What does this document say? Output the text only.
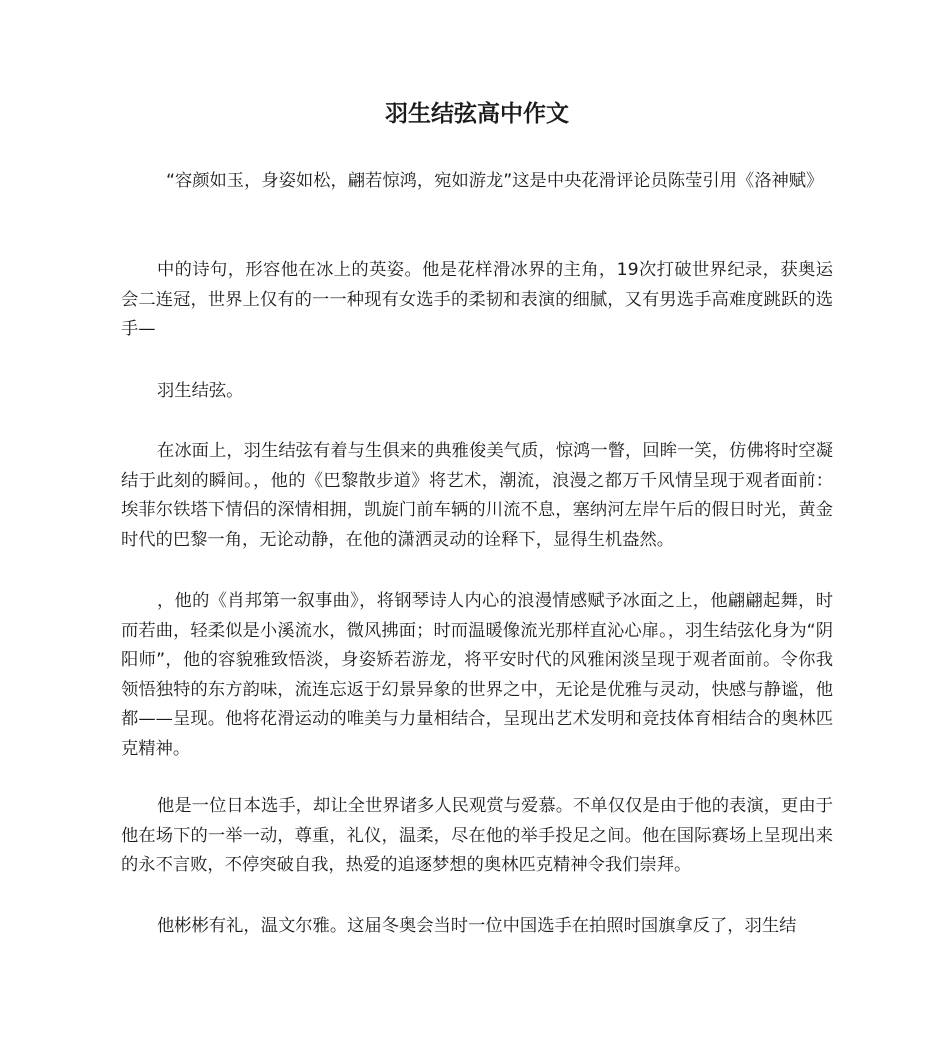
羽生结弦高中作文

“容颜如玉，身姿如松，翩若惊鸿，宛如游龙”这是中央花滑评论员陈莹引用《洛神赋》

中的诗句，形容他在冰上的英姿。他是花样滑冰界的主角，19次打破世界纪录，获奥运会二连冠，世界上仅有的一一种现有女选手的柔韧和表演的细腻，又有男选手高难度跳跃的选手—

羽生结弦。

在冰面上，羽生结弦有着与生俱来的典雅俊美气质，惊鸿一瞥，回眸一笑，仿佛将时空凝结于此刻的瞬间。，他的《巴黎散步道》将艺术，潮流，浪漫之都万千风情呈现于观者面前：埃菲尔铁塔下情侣的深情相拥，凯旋门前车辆的川流不息，塞纳河左岸午后的假日时光，黄金时代的巴黎一角，无论动静，在他的潇洒灵动的诠释下，显得生机盎然。

，他的《肖邦第一叙事曲》，将钢琴诗人内心的浪漫情感赋予冰面之上，他翩翩起舞，时而若曲，轻柔似是小溪流水，微风拂面；时而温暖像流光那样直沁心扉。，羽生结弦化身为“阴阳师”，他的容貌雅致悟淡，身姿矫若游龙，将平安时代的风雅闲淡呈现于观者面前。令你我领悟独特的东方韵味，流连忘返于幻景异象的世界之中，无论是优雅与灵动，快感与静谧，他都——呈现。他将花滑运动的唯美与力量相结合，呈现出艺术发明和竞技体育相结合的奥林匹克精神。

他是一位日本选手，却让全世界诸多人民观赏与爱慕。不单仅仅是由于他的表演，更由于他在场下的一举一动，尊重，礼仪，温柔，尽在他的举手投足之间。他在国际赛场上呈现出来的永不言败，不停突破自我，热爱的追逐梦想的奥林匹克精神令我们崇拜。

他彬彬有礼，温文尔雅。这届冬奥会当时一位中国选手在拍照时国旗拿反了，羽生结
